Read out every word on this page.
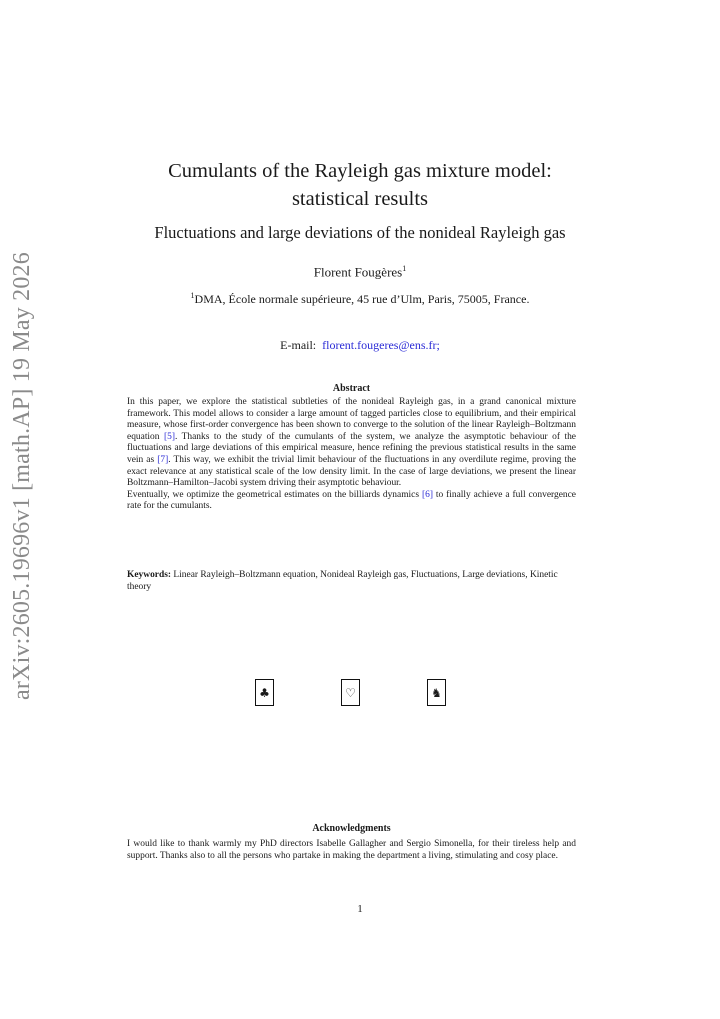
arXiv:2605.19696v1 [math.AP] 19 May 2026
Cumulants of the Rayleigh gas mixture model:
statistical results
Fluctuations and large deviations of the nonideal Rayleigh gas
Florent Fougères$^1$
$^1$DMA, École normale supérieure, 45 rue d’Ulm, Paris, 75005, France.
E-mail: florent.fougeres@ens.fr;
Abstract
In this paper, we explore the statistical subtleties of the nonideal Rayleigh gas, in a grand canonical mixture framework. This model allows to consider a large amount of tagged particles close to equilibrium, and their empirical measure, whose first-order convergence has been shown to converge to the solution of the linear Rayleigh–Boltzmann equation [5]. Thanks to the study of the cumulants of the system, we analyze the asymptotic behaviour of the fluctuations and large deviations of this empirical measure, hence refining the previous statistical results in the same vein as [7]. This way, we exhibit the trivial limit behaviour of the fluctuations in any overdilute regime, proving the exact relevance at any statistical scale of the low density limit. In the case of large deviations, we present the linear Boltzmann–Hamilton–Jacobi system driving their asymptotic behaviour.
Eventually, we optimize the geometrical estimates on the billiards dynamics [6] to finally achieve a full convergence rate for the cumulants.
Keywords: Linear Rayleigh–Boltzmann equation, Nonideal Rayleigh gas, Fluctuations, Large deviations, Kinetic theory
♣	♡	♞
Acknowledgments
I would like to thank warmly my PhD directors Isabelle Gallagher and Sergio Simonella, for their tireless help and support. Thanks also to all the persons who partake in making the department a living, stimulating and cosy place.
1
